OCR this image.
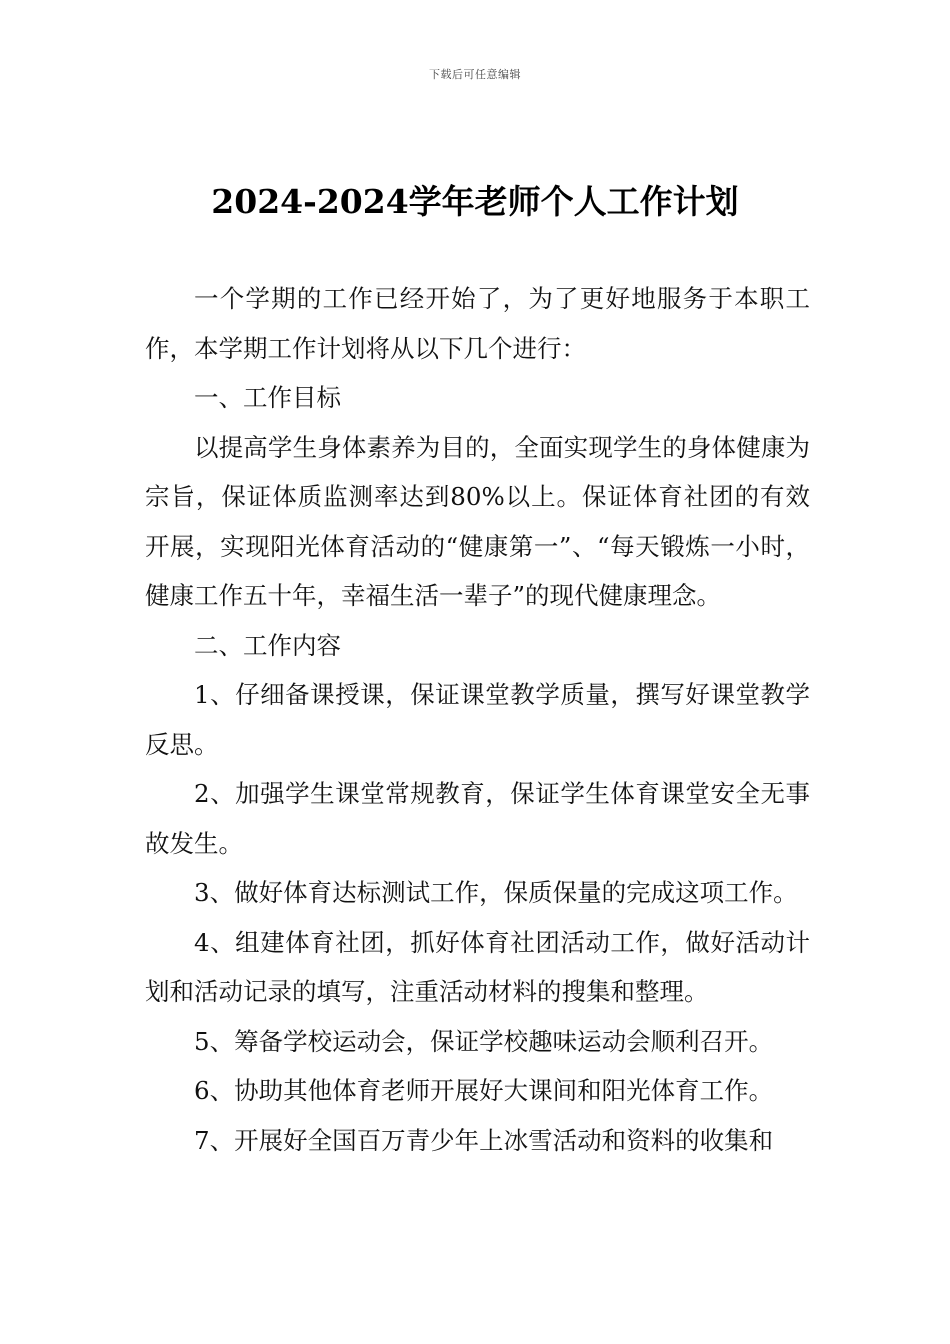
下载后可任意编辑
2024-2024学年老师个人工作计划

一个学期的工作已经开始了，为了更好地服务于本职工作，本学期工作计划将从以下几个进行：

一、工作目标

以提高学生身体素养为目的，全面实现学生的身体健康为宗旨，保证体质监测率达到80%以上。保证体育社团的有效开展，实现阳光体育活动的“健康第一”、“每天锻炼一小时，健康工作五十年，幸福生活一辈子”的现代健康理念。

二、工作内容

1、仔细备课授课，保证课堂教学质量，撰写好课堂教学反思。

2、加强学生课堂常规教育，保证学生体育课堂安全无事故发生。

3、做好体育达标测试工作，保质保量的完成这项工作。

4、组建体育社团，抓好体育社团活动工作，做好活动计划和活动记录的填写，注重活动材料的搜集和整理。

5、筹备学校运动会，保证学校趣味运动会顺利召开。

6、协助其他体育老师开展好大课间和阳光体育工作。

7、开展好全国百万青少年上冰雪活动和资料的收集和
